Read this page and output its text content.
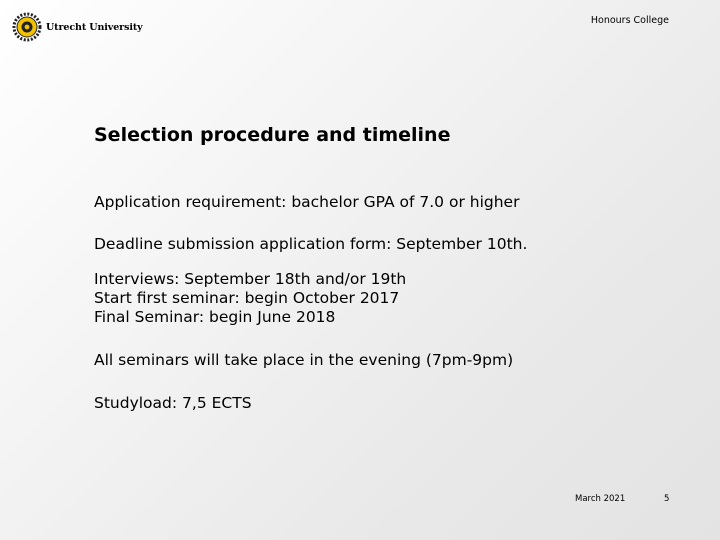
Utrecht University
Honours College
Selection procedure and timeline

Application requirement: bachelor GPA of 7.0 or higher

Deadline submission application form: September 10th.

Interviews: September 18th and/or 19th

Start first seminar: begin October 2017

Final Seminar: begin June 2018

All seminars will take place in the evening (7pm-9pm)

Studyload: 7,5 ECTS

March 2021	5
